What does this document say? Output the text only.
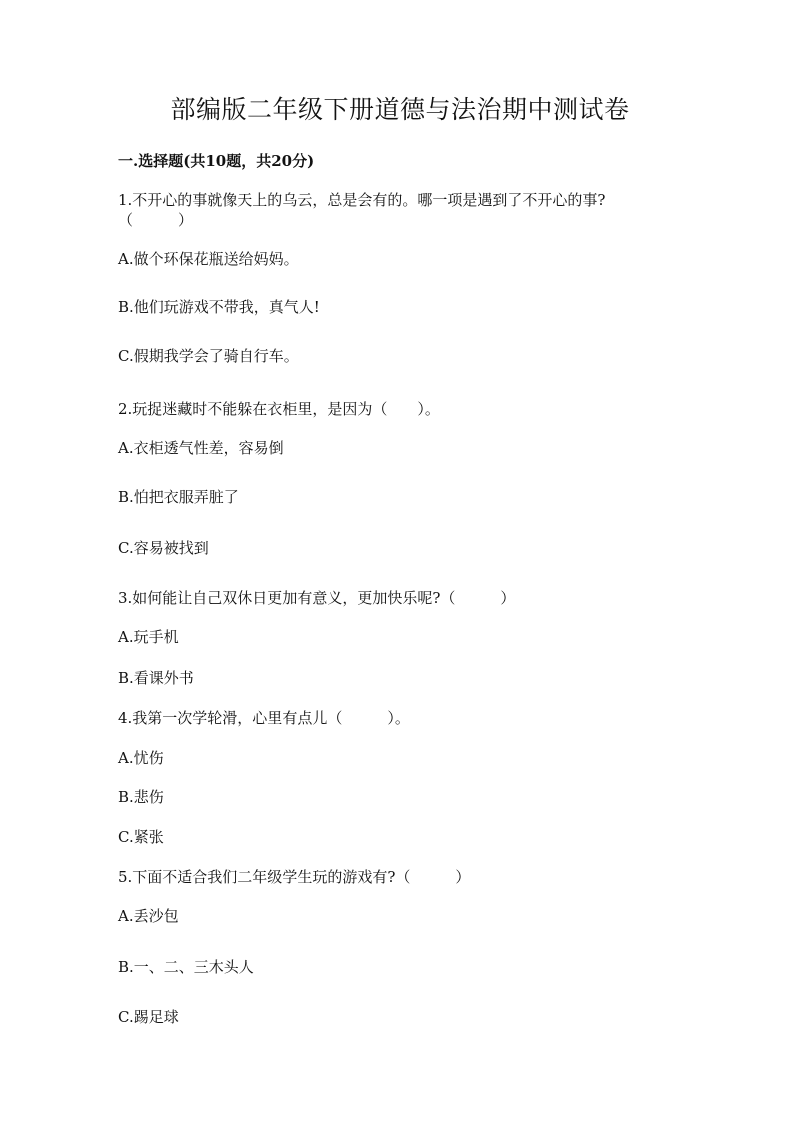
部编版二年级下册道德与法治期中测试卷
一.选择题(共10题，共20分)
1.不开心的事就像天上的乌云，总是会有的。哪一项是遇到了不开心的事?
（　　　）
A.做个环保花瓶送给妈妈。
B.他们玩游戏不带我，真气人!
C.假期我学会了骑自行车。
2.玩捉迷藏时不能躲在衣柜里，是因为（　　）。
A.衣柜透气性差，容易倒
B.怕把衣服弄脏了
C.容易被找到
3.如何能让自己双休日更加有意义，更加快乐呢?（　　　）
A.玩手机
B.看课外书
4.我第一次学轮滑，心里有点儿（　　　）。
A.忧伤
B.悲伤
C.紧张
5.下面不适合我们二年级学生玩的游戏有?（　　　）
A.丢沙包
B.一、二、三木头人
C.踢足球
